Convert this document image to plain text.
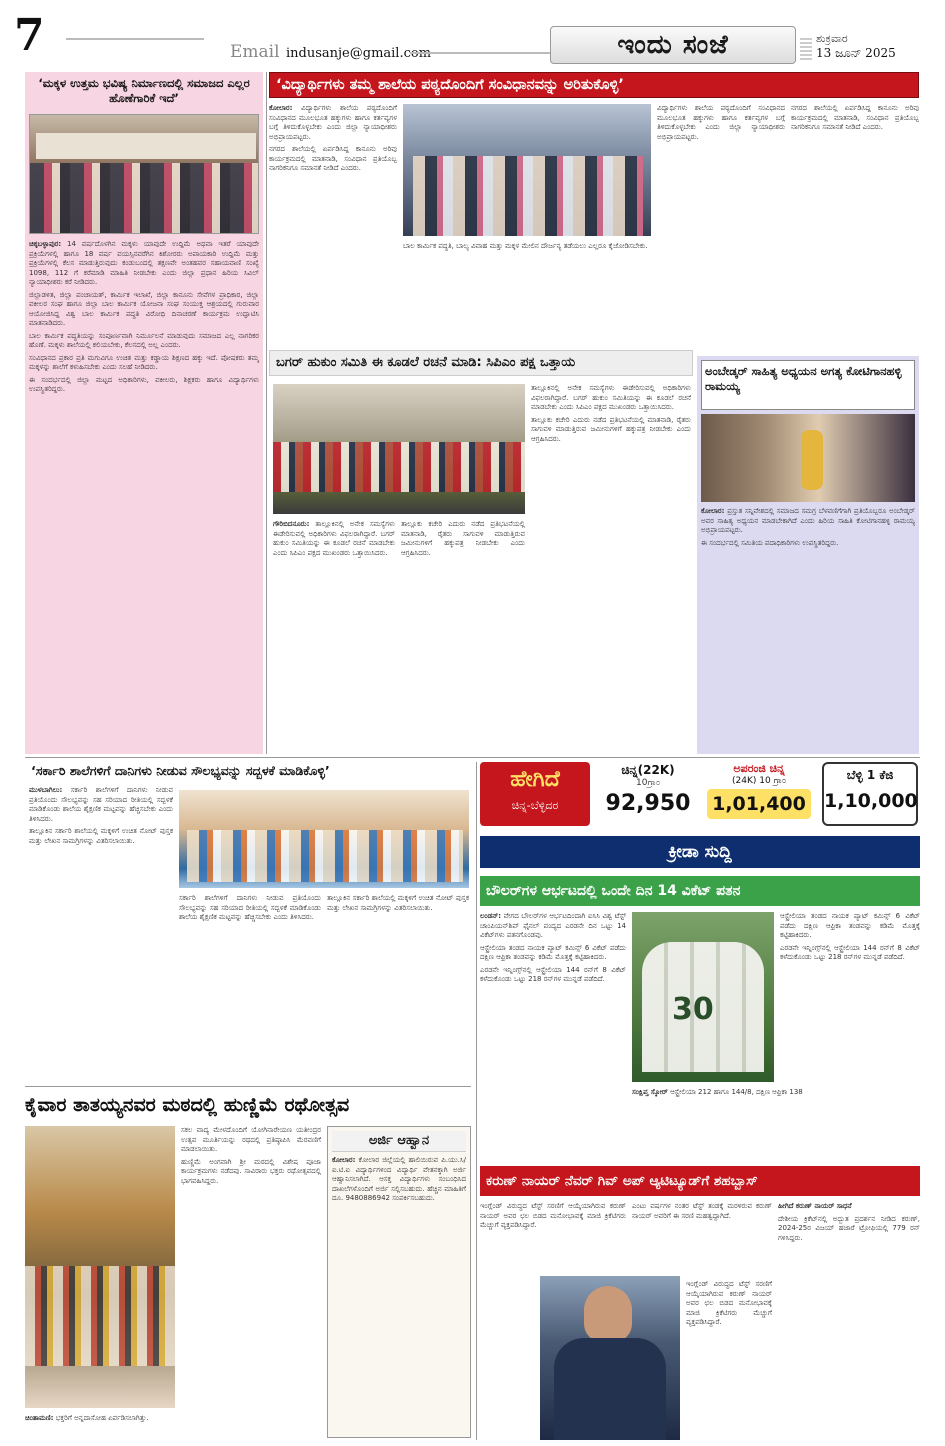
7	Email indusanje@gmail.com	ಇಂದು ಸಂಜೆ	ಶುಕ್ರವಾರ
13 ಜೂನ್ 2025
‘ಮಕ್ಕಳ ಉತ್ತಮ ಭವಿಷ್ಯ ನಿರ್ಮಾಣದಲ್ಲಿ ಸಮಾಜದ ಎಲ್ಲರ ಹೊಣೆಗಾರಿಕೆ ಇದೆ’

ಚಿಕ್ಕಬಳ್ಳಾಪುರ: 14 ವರ್ಷದೊಳಗಿನ ಮಕ್ಕಳು ಯಾವುದೇ ಉದ್ದಿಮೆ ಅಥವಾ ಇತರೆ ಯಾವುದೇ ಪ್ರಕ್ರಿಯೆಗಳಲ್ಲಿ ಹಾಗೂ 18 ವರ್ಷ ವಯಸ್ಸಿನವರೆಗಿನ ಕಿಶೋರರು ಅಪಾಯಕಾರಿ ಉದ್ದಿಮೆ ಮತ್ತು ಪ್ರಕ್ರಿಯೆಗಳಲ್ಲಿ ಕೆಲಸ ಮಾಡುತ್ತಿರುವುದು ಕಂಡುಬಂದಲ್ಲಿ ತಕ್ಷಣವೇ ಅಂತಹವರ ಸಹಾಯವಾಣಿ ಸಂಖ್ಯೆ 1098, 112 ಗೆ ಕರೆಮಾಡಿ ಮಾಹಿತಿ ನೀಡಬೇಕು ಎಂದು ಜಿಲ್ಲಾ ಪ್ರಧಾನ ಹಿರಿಯ ಸಿವಿಲ್ ನ್ಯಾಯಾಧೀಶರು ಕರೆ ನೀಡಿದರು.

ಜಿಲ್ಲಾಡಳಿತ, ಜಿಲ್ಲಾ ಪಂಚಾಯತ್, ಕಾರ್ಮಿಕ ಇಲಾಖೆ, ಜಿಲ್ಲಾ ಕಾನೂನು ಸೇವೆಗಳ ಪ್ರಾಧಿಕಾರ, ಜಿಲ್ಲಾ ವಕೀಲರ ಸಂಘ ಹಾಗೂ ಜಿಲ್ಲಾ ಬಾಲ ಕಾರ್ಮಿಕ ಯೋಜನಾ ಸಂಘ ಸಂಯುಕ್ತ ಆಶ್ರಯದಲ್ಲಿ ಗುರುವಾರ ಆಯೋಜಿಸಿದ್ದ ವಿಶ್ವ ಬಾಲ ಕಾರ್ಮಿಕ ಪದ್ಧತಿ ವಿರೋಧಿ ದಿನಾಚರಣೆ ಕಾರ್ಯಕ್ರಮ ಉದ್ಘಾಟಿಸಿ ಮಾತನಾಡಿದರು.

ಬಾಲ ಕಾರ್ಮಿಕ ಪದ್ಧತಿಯನ್ನು ಸಂಪೂರ್ಣವಾಗಿ ನಿರ್ಮೂಲನೆ ಮಾಡುವುದು ಸಮಾಜದ ಎಲ್ಲ ನಾಗರಿಕರ ಹೊಣೆ. ಮಕ್ಕಳು ಶಾಲೆಯಲ್ಲಿ ಕಲಿಯಬೇಕು, ಕೆಲಸದಲ್ಲಿ ಅಲ್ಲ ಎಂದರು.

ಸಂವಿಧಾನದ ಪ್ರಕಾರ ಪ್ರತಿ ಮಗುವಿಗೂ ಉಚಿತ ಮತ್ತು ಕಡ್ಡಾಯ ಶಿಕ್ಷಣದ ಹಕ್ಕು ಇದೆ. ಪೋಷಕರು ತಮ್ಮ ಮಕ್ಕಳನ್ನು ಶಾಲೆಗೆ ಕಳುಹಿಸಬೇಕು ಎಂದು ಸಲಹೆ ನೀಡಿದರು.

ಈ ಸಂದರ್ಭದಲ್ಲಿ ಜಿಲ್ಲಾ ಮಟ್ಟದ ಅಧಿಕಾರಿಗಳು, ವಕೀಲರು, ಶಿಕ್ಷಕರು ಹಾಗೂ ವಿದ್ಯಾರ್ಥಿಗಳು ಉಪಸ್ಥಿತರಿದ್ದರು.

‘ವಿದ್ಯಾರ್ಥಿಗಳು ತಮ್ಮ ಶಾಲೆಯ ಪಠ್ಯದೊಂದಿಗೆ ಸಂವಿಧಾನವನ್ನು ಅರಿತುಕೊಳ್ಳಿ’

ಕೋಲಾರ: ವಿದ್ಯಾರ್ಥಿಗಳು ಶಾಲೆಯ ಪಠ್ಯದೊಂದಿಗೆ ಸಂವಿಧಾನದ ಮೂಲಭೂತ ಹಕ್ಕುಗಳು ಹಾಗೂ ಕರ್ತವ್ಯಗಳ ಬಗ್ಗೆ ತಿಳಿದುಕೊಳ್ಳಬೇಕು ಎಂದು ಜಿಲ್ಲಾ ನ್ಯಾಯಾಧೀಶರು ಅಭಿಪ್ರಾಯಪಟ್ಟರು.

ನಗರದ ಶಾಲೆಯಲ್ಲಿ ಏರ್ಪಡಿಸಿದ್ದ ಕಾನೂನು ಅರಿವು ಕಾರ್ಯಕ್ರಮದಲ್ಲಿ ಮಾತನಾಡಿ, ಸಂವಿಧಾನ ಪ್ರತಿಯೊಬ್ಬ ನಾಗರಿಕನಿಗೂ ಸಮಾನತೆ ನೀಡಿದೆ ಎಂದರು.

ಬಾಲ ಕಾರ್ಮಿಕ ಪದ್ಧತಿ, ಬಾಲ್ಯ ವಿವಾಹ ಮತ್ತು ಮಕ್ಕಳ ಮೇಲಿನ ದೌರ್ಜನ್ಯ ತಡೆಯಲು ಎಲ್ಲರೂ ಕೈಜೋಡಿಸಬೇಕು.

ವಿದ್ಯಾರ್ಥಿಗಳು ಶಾಲೆಯ ಪಠ್ಯದೊಂದಿಗೆ ಸಂವಿಧಾನದ ಮೂಲಭೂತ ಹಕ್ಕುಗಳು ಹಾಗೂ ಕರ್ತವ್ಯಗಳ ಬಗ್ಗೆ ತಿಳಿದುಕೊಳ್ಳಬೇಕು ಎಂದು ಜಿಲ್ಲಾ ನ್ಯಾಯಾಧೀಶರು ಅಭಿಪ್ರಾಯಪಟ್ಟರು.

ನಗರದ ಶಾಲೆಯಲ್ಲಿ ಏರ್ಪಡಿಸಿದ್ದ ಕಾನೂನು ಅರಿವು ಕಾರ್ಯಕ್ರಮದಲ್ಲಿ ಮಾತನಾಡಿ, ಸಂವಿಧಾನ ಪ್ರತಿಯೊಬ್ಬ ನಾಗರಿಕನಿಗೂ ಸಮಾನತೆ ನೀಡಿದೆ ಎಂದರು.

ಬಗರ್ ಹುಕುಂ ಸಮಿತಿ ಈ ಕೂಡಲೆ ರಚನೆ ಮಾಡಿ: ಸಿಪಿಎಂ ಪಕ್ಷ ಒತ್ತಾಯ

ಗೌರಿಬಿದನೂರು: ತಾಲ್ಲೂಕಿನಲ್ಲಿ ಅನೇಕ ಸಮಸ್ಯೆಗಳು ಈಡೇರಿಸುವಲ್ಲಿ ಅಧಿಕಾರಿಗಳು ವಿಫಲರಾಗಿದ್ದಾರೆ. ಬಗರ್ ಹುಕುಂ ಸಮಿತಿಯನ್ನು ಈ ಕೂಡಲೆ ರಚನೆ ಮಾಡಬೇಕು ಎಂದು ಸಿಪಿಎಂ ಪಕ್ಷದ ಮುಖಂಡರು ಒತ್ತಾಯಿಸಿದರು.

ತಾಲ್ಲೂಕು ಕಚೇರಿ ಎದುರು ನಡೆದ ಪ್ರತಿಭಟನೆಯಲ್ಲಿ ಮಾತನಾಡಿ, ರೈತರು ಸಾಗುವಳಿ ಮಾಡುತ್ತಿರುವ ಜಮೀನುಗಳಿಗೆ ಹಕ್ಕುಪತ್ರ ನೀಡಬೇಕು ಎಂದು ಆಗ್ರಹಿಸಿದರು.

ತಾಲ್ಲೂಕಿನಲ್ಲಿ ಅನೇಕ ಸಮಸ್ಯೆಗಳು ಈಡೇರಿಸುವಲ್ಲಿ ಅಧಿಕಾರಿಗಳು ವಿಫಲರಾಗಿದ್ದಾರೆ. ಬಗರ್ ಹುಕುಂ ಸಮಿತಿಯನ್ನು ಈ ಕೂಡಲೆ ರಚನೆ ಮಾಡಬೇಕು ಎಂದು ಸಿಪಿಎಂ ಪಕ್ಷದ ಮುಖಂಡರು ಒತ್ತಾಯಿಸಿದರು.

ತಾಲ್ಲೂಕು ಕಚೇರಿ ಎದುರು ನಡೆದ ಪ್ರತಿಭಟನೆಯಲ್ಲಿ ಮಾತನಾಡಿ, ರೈತರು ಸಾಗುವಳಿ ಮಾಡುತ್ತಿರುವ ಜಮೀನುಗಳಿಗೆ ಹಕ್ಕುಪತ್ರ ನೀಡಬೇಕು ಎಂದು ಆಗ್ರಹಿಸಿದರು.

ಅಂಬೇಡ್ಕರ್ ಸಾಹಿತ್ಯ ಅಧ್ಯಯನ ಅಗತ್ಯ ಕೋಟಿಗಾನಹಳ್ಳಿ ರಾಮಯ್ಯ

ಕೋಲಾರ: ಪ್ರಸ್ತುತ ಸನ್ನಿವೇಶದಲ್ಲಿ ಸಮಾಜದ ಸಮಗ್ರ ಬೆಳವಣಿಗೆಗಾಗಿ ಪ್ರತಿಯೊಬ್ಬರೂ ಅಂಬೇಡ್ಕರ್ ಅವರ ಸಾಹಿತ್ಯ ಅಧ್ಯಯನ ಮಾಡಬೇಕಾಗಿದೆ ಎಂದು ಹಿರಿಯ ಸಾಹಿತಿ ಕೋಟಿಗಾನಹಳ್ಳಿ ರಾಮಯ್ಯ ಅಭಿಪ್ರಾಯಪಟ್ಟರು.

ಈ ಸಂದರ್ಭದಲ್ಲಿ ಸಮಿತಿಯ ಪದಾಧಿಕಾರಿಗಳು ಉಪಸ್ಥಿತರಿದ್ದರು.

‘ಸರ್ಕಾರಿ ಶಾಲೆಗಳಿಗೆ ದಾನಿಗಳು ನೀಡುವ ಸೌಲಭ್ಯವನ್ನು ಸದ್ಬಳಕೆ ಮಾಡಿಕೊಳ್ಳಿ’

ಮುಳಬಾಗಿಲು: ಸರ್ಕಾರಿ ಶಾಲೆಗಳಿಗೆ ದಾನಿಗಳು ನೀಡುವ ಪ್ರತಿಯೊಂದು ಸೌಲಭ್ಯವನ್ನು ಸಹ ಸರಿಯಾದ ರೀತಿಯಲ್ಲಿ ಸದ್ಬಳಕೆ ಮಾಡಿಕೊಂಡು ಶಾಲೆಯ ಶೈಕ್ಷಣಿಕ ಮಟ್ಟವನ್ನು ಹೆಚ್ಚಿಸಬೇಕು ಎಂದು ತಿಳಿಸಿದರು.

ತಾಲ್ಲೂಕಿನ ಸರ್ಕಾರಿ ಶಾಲೆಯಲ್ಲಿ ಮಕ್ಕಳಿಗೆ ಉಚಿತ ನೋಟ್ ಪುಸ್ತಕ ಮತ್ತು ಲೇಖನ ಸಾಮಗ್ರಿಗಳನ್ನು ವಿತರಿಸಲಾಯಿತು.

ಸರ್ಕಾರಿ ಶಾಲೆಗಳಿಗೆ ದಾನಿಗಳು ನೀಡುವ ಪ್ರತಿಯೊಂದು ಸೌಲಭ್ಯವನ್ನು ಸಹ ಸರಿಯಾದ ರೀತಿಯಲ್ಲಿ ಸದ್ಬಳಕೆ ಮಾಡಿಕೊಂಡು ಶಾಲೆಯ ಶೈಕ್ಷಣಿಕ ಮಟ್ಟವನ್ನು ಹೆಚ್ಚಿಸಬೇಕು ಎಂದು ತಿಳಿಸಿದರು.

ತಾಲ್ಲೂಕಿನ ಸರ್ಕಾರಿ ಶಾಲೆಯಲ್ಲಿ ಮಕ್ಕಳಿಗೆ ಉಚಿತ ನೋಟ್ ಪುಸ್ತಕ ಮತ್ತು ಲೇಖನ ಸಾಮಗ್ರಿಗಳನ್ನು ವಿತರಿಸಲಾಯಿತು.

ಹೇಗಿದೆ
ಚಿನ್ನ-ಬೆಳ್ಳಿದರ
ಚಿನ್ನ(22K)
10ಗ್ರಾಂ
92,950
ಅಪರಂಜಿ ಚಿನ್ನ
(24K) 10 ಗ್ರಾಂ
1,01,400
ಬೆಳ್ಳಿ 1 ಕೆಜಿ
1,10,000
ಕ್ರೀಡಾ ಸುದ್ದಿ
ಬೌಲರ್‌ಗಳ ಆರ್ಭಟದಲ್ಲಿ ಒಂದೇ ದಿನ 14 ವಿಕೆಟ್ ಪತನ

ಲಂಡನ್: ವೇಗದ ಬೌಲರ್‌ಗಳ ಆರ್ಭಟದಿಂದಾಗಿ ಐಸಿಸಿ ವಿಶ್ವ ಟೆಸ್ಟ್ ಚಾಂಪಿಯನ್‌ಶಿಪ್ ಫೈನಲ್ ಪಂದ್ಯದ ಎರಡನೇ ದಿನ ಒಟ್ಟು 14 ವಿಕೆಟ್‌ಗಳು ಪತನಗೊಂಡವು.

ಆಸ್ಟ್ರೇಲಿಯಾ ತಂಡದ ನಾಯಕ ಪ್ಯಾಟ್ ಕಮಿನ್ಸ್ 6 ವಿಕೆಟ್ ಪಡೆದು ದಕ್ಷಿಣ ಆಫ್ರಿಕಾ ತಂಡವನ್ನು ಕಡಿಮೆ ಮೊತ್ತಕ್ಕೆ ಕಟ್ಟಿಹಾಕಿದರು.

ಎರಡನೇ ಇನ್ನಿಂಗ್ಸ್‌ನಲ್ಲಿ ಆಸ್ಟ್ರೇಲಿಯಾ 144 ರನ್‌ಗೆ 8 ವಿಕೆಟ್ ಕಳೆದುಕೊಂಡು ಒಟ್ಟು 218 ರನ್‌ಗಳ ಮುನ್ನಡೆ ಪಡೆದಿದೆ.

30

ಸಂಕ್ಷಿಪ್ತ ಸ್ಕೋರ್ ಆಸ್ಟ್ರೇಲಿಯಾ 212 ಹಾಗೂ 144/8, ದಕ್ಷಿಣ ಆಫ್ರಿಕಾ 138

ಆಸ್ಟ್ರೇಲಿಯಾ ತಂಡದ ನಾಯಕ ಪ್ಯಾಟ್ ಕಮಿನ್ಸ್ 6 ವಿಕೆಟ್ ಪಡೆದು ದಕ್ಷಿಣ ಆಫ್ರಿಕಾ ತಂಡವನ್ನು ಕಡಿಮೆ ಮೊತ್ತಕ್ಕೆ ಕಟ್ಟಿಹಾಕಿದರು.

ಎರಡನೇ ಇನ್ನಿಂಗ್ಸ್‌ನಲ್ಲಿ ಆಸ್ಟ್ರೇಲಿಯಾ 144 ರನ್‌ಗೆ 8 ವಿಕೆಟ್ ಕಳೆದುಕೊಂಡು ಒಟ್ಟು 218 ರನ್‌ಗಳ ಮುನ್ನಡೆ ಪಡೆದಿದೆ.

ಕೈವಾರ ತಾತಯ್ಯನವರ ಮಠದಲ್ಲಿ ಹುಣ್ಣಿಮೆ ರಥೋತ್ಸವ

ಚಿಂತಾಮಣಿ: ಭಕ್ತರಿಗೆ ಅನ್ನದಾಸೋಹ ಏರ್ಪಡಿಸಲಾಗಿತ್ತು.

ಸಕಲ ವಾದ್ಯ ಮೇಳದೊಂದಿಗೆ ಯೋಗಿನಾರೇಯಣ ಯತೀಂದ್ರರ ಉತ್ಸವ ಮೂರ್ತಿಯನ್ನು ರಥದಲ್ಲಿ ಪ್ರತಿಷ್ಠಾಪಿಸಿ ಮೆರವಣಿಗೆ ಮಾಡಲಾಯಿತು.

ಹುಣ್ಣಿಮೆ ಅಂಗವಾಗಿ ಶ್ರೀ ಮಠದಲ್ಲಿ ವಿಶೇಷ ಪೂಜಾ ಕಾರ್ಯಕ್ರಮಗಳು ನಡೆದವು. ಸಾವಿರಾರು ಭಕ್ತರು ರಥೋತ್ಸವದಲ್ಲಿ ಭಾಗವಹಿಸಿದ್ದರು.

ಅರ್ಜಿ ಆಹ್ವಾನ

ಕೋಲಾರ: ಕೋಲಾರ ಜಿಲ್ಲೆಯಲ್ಲಿ ಹಾಲಿಯಿರುವ ಪಿ.ಯು.ಸಿ/ಐ.ಟಿ.ಐ ವಿದ್ಯಾರ್ಥಿಗಳಿಂದ ವಿದ್ಯಾರ್ಥಿ ವೇತನಕ್ಕಾಗಿ ಅರ್ಜಿ ಆಹ್ವಾನಿಸಲಾಗಿದೆ. ಆಸಕ್ತ ವಿದ್ಯಾರ್ಥಿಗಳು ಸಂಬಂಧಿಸಿದ ದಾಖಲೆಗಳೊಂದಿಗೆ ಅರ್ಜಿ ಸಲ್ಲಿಸಬಹುದು. ಹೆಚ್ಚಿನ ಮಾಹಿತಿಗೆ ದೂ. 9480886942 ಸಂಪರ್ಕಿಸಬಹುದು.

ಕರುಣ್ ನಾಯರ್ ನೆವರ್ ಗಿವ್ ಅಪ್ ಆ್ಯಟಿಟ್ಯೂಡ್‌ಗೆ ಶಹಬ್ಬಾಸ್

ಇಂಗ್ಲೆಂಡ್ ವಿರುದ್ಧದ ಟೆಸ್ಟ್ ಸರಣಿಗೆ ಆಯ್ಕೆಯಾಗಿರುವ ಕರುಣ್ ನಾಯರ್ ಅವರ ಛಲ ಬಿಡದ ಮನೋಭಾವಕ್ಕೆ ಮಾಜಿ ಕ್ರಿಕೆಟಿಗರು ಮೆಚ್ಚುಗೆ ವ್ಯಕ್ತಪಡಿಸಿದ್ದಾರೆ.

ಎಂಟು ವರ್ಷಗಳ ನಂತರ ಟೆಸ್ಟ್ ತಂಡಕ್ಕೆ ಮರಳಿರುವ ಕರುಣ್ ನಾಯರ್ ಅವರಿಗೆ ಈ ಸರಣಿ ಮಹತ್ವದ್ದಾಗಿದೆ.

ಇಂಗ್ಲೆಂಡ್ ವಿರುದ್ಧದ ಟೆಸ್ಟ್ ಸರಣಿಗೆ ಆಯ್ಕೆಯಾಗಿರುವ ಕರುಣ್ ನಾಯರ್ ಅವರ ಛಲ ಬಿಡದ ಮನೋಭಾವಕ್ಕೆ ಮಾಜಿ ಕ್ರಿಕೆಟಿಗರು ಮೆಚ್ಚುಗೆ ವ್ಯಕ್ತಪಡಿಸಿದ್ದಾರೆ.

ಹೀಗಿದೆ ಕರುಣ್ ನಾಯರ್ ಸಾಧನೆ

ದೇಶೀಯ ಕ್ರಿಕೆಟ್‌ನಲ್ಲಿ ಅದ್ಭುತ ಪ್ರದರ್ಶನ ನೀಡಿದ ಕರುಣ್, 2024-25ರ ವಿಜಯ್ ಹಜಾರೆ ಟ್ರೋಫಿಯಲ್ಲಿ 779 ರನ್ ಗಳಿಸಿದ್ದರು.
